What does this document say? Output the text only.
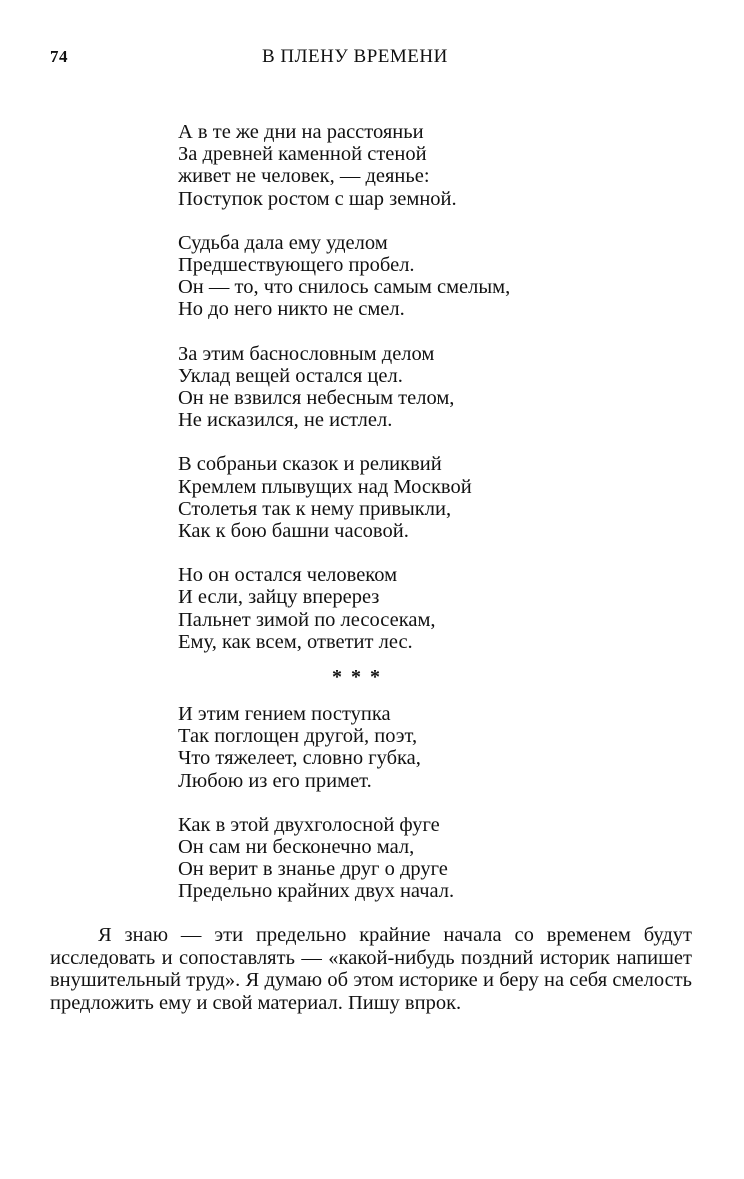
74	В ПЛЕНУ ВРЕМЕНИ
А в те же дни на расстояньи
За древней каменной стеной
живет не человек, — деянье:
Поступок ростом с шар земной.
Судьба дала ему уделом
Предшествующего пробел.
Он — то, что снилось самым смелым,
Но до него никто не смел.
За этим баснословным делом
Уклад вещей остался цел.
Он не взвился небесным телом,
Не исказился, не истлел.
В собраньи сказок и реликвий
Кремлем плывущих над Москвой
Столетья так к нему привыкли,
Как к бою башни часовой.
Но он остался человеком
И если, зайцу вперерез
Пальнет зимой по лесосекам,
Ему, как всем, ответит лес.
***
И этим гением поступка
Так поглощен другой, поэт,
Что тяжелеет, словно губка,
Любою из его примет.
Как в этой двухголосной фуге
Он сам ни бесконечно мал,
Он верит в знанье друг о друге
Предельно крайних двух начал.

Я знаю — эти предельно крайние начала со временем будут исследовать и сопоставлять — «какой-нибудь поздний историк напишет внушительный труд». Я думаю об этом историке и беру на себя смелость предложить ему и свой материал. Пишу впрок.
